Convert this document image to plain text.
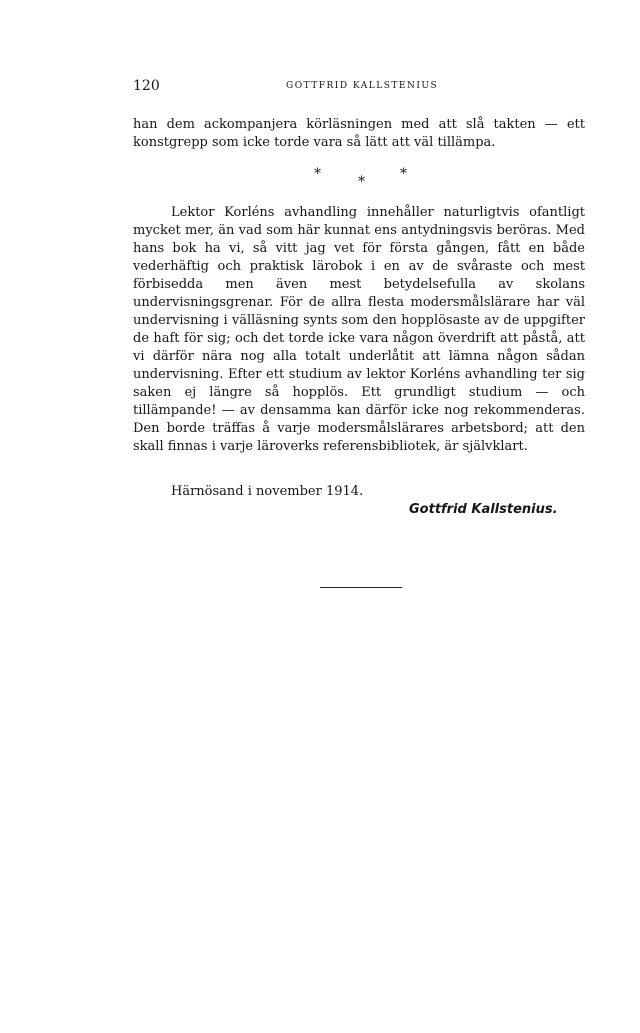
120	GOTTFRID KALLSTENIUS
han dem ackompanjera körläsningen med att slå takten — ett konstgrepp som icke torde vara så lätt att väl tillämpa.
*	*	*

Lektor Korléns avhandling innehåller naturligtvis ofantligt mycket mer, än vad som här kunnat ens antydningsvis beröras. Med hans bok ha vi, så vitt jag vet för första gången, fått en både vederhäftig och praktisk lärobok i en av de svåraste och mest förbisedda men även mest betydelsefulla av skolans undervisningsgrenar. För de allra flesta modersmålslärare har väl undervisning i välläsning synts som den hopplösaste av de uppgifter de haft för sig; och det torde icke vara någon överdrift att påstå, att vi därför nära nog alla totalt underlåtit att lämna någon sådan undervisning. Efter ett studium av lektor Korléns avhandling ter sig saken ej längre så hopplös. Ett grundligt studium — och tillämpande! — av densamma kan därför icke nog rekommenderas. Den borde träffas å varje modersmålslärares arbetsbord; att den skall finnas i varje läroverks referensbibliotek, är självklart.

Härnösand i november 1914.
Gottfrid Kallstenius.
